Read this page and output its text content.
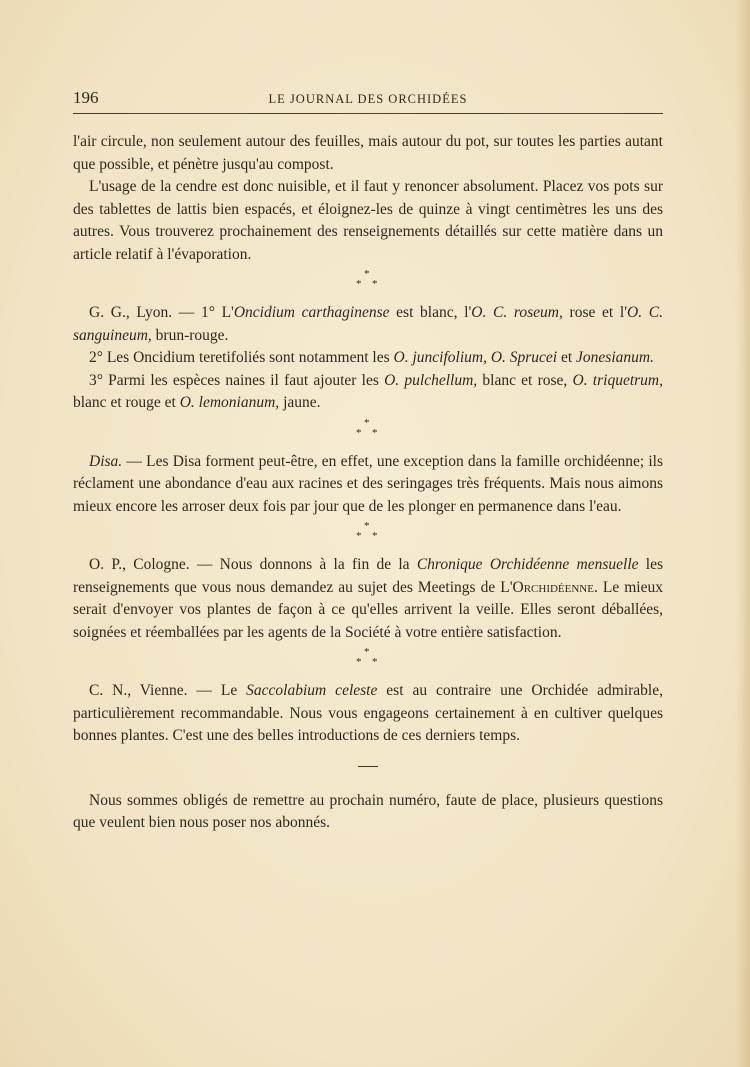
196	LE JOURNAL DES ORCHIDÉES

l'air circule, non seulement autour des feuilles, mais autour du pot, sur toutes les parties autant que possible, et pénètre jusqu'au compost.

L'usage de la cendre est donc nuisible, et il faut y renoncer absolument. Placez vos pots sur des tablettes de lattis bien espacés, et éloignez-les de quinze à vingt centimètres les uns des autres. Vous trouverez prochainement des renseignements détaillés sur cette matière dans un article relatif à l'évaporation.

*
* *

G. G., Lyon. — 1° L'Oncidium carthaginense est blanc, l'O. C. roseum, rose et l'O. C. sanguineum, brun-rouge.

2° Les Oncidium teretifoliés sont notamment les O. juncifolium, O. Sprucei et Jonesianum.

3° Parmi les espèces naines il faut ajouter les O. pulchellum, blanc et rose, O. triquetrum, blanc et rouge et O. lemonianum, jaune.

*
* *

Disa. — Les Disa forment peut-être, en effet, une exception dans la famille orchidéenne; ils réclament une abondance d'eau aux racines et des seringages très fréquents. Mais nous aimons mieux encore les arroser deux fois par jour que de les plonger en permanence dans l'eau.

*
* *

O. P., Cologne. — Nous donnons à la fin de la Chronique Orchidéenne mensuelle les renseignements que vous nous demandez au sujet des Meetings de L'Orchidéenne. Le mieux serait d'envoyer vos plantes de façon à ce qu'elles arrivent la veille. Elles seront déballées, soignées et réemballées par les agents de la Société à votre entière satisfaction.

*
* *

C. N., Vienne. — Le Saccolabium celeste est au contraire une Orchidée admirable, particulièrement recommandable. Nous vous engageons certainement à en cultiver quelques bonnes plantes. C'est une des belles introductions de ces derniers temps.

Nous sommes obligés de remettre au prochain numéro, faute de place, plusieurs questions que veulent bien nous poser nos abonnés.
